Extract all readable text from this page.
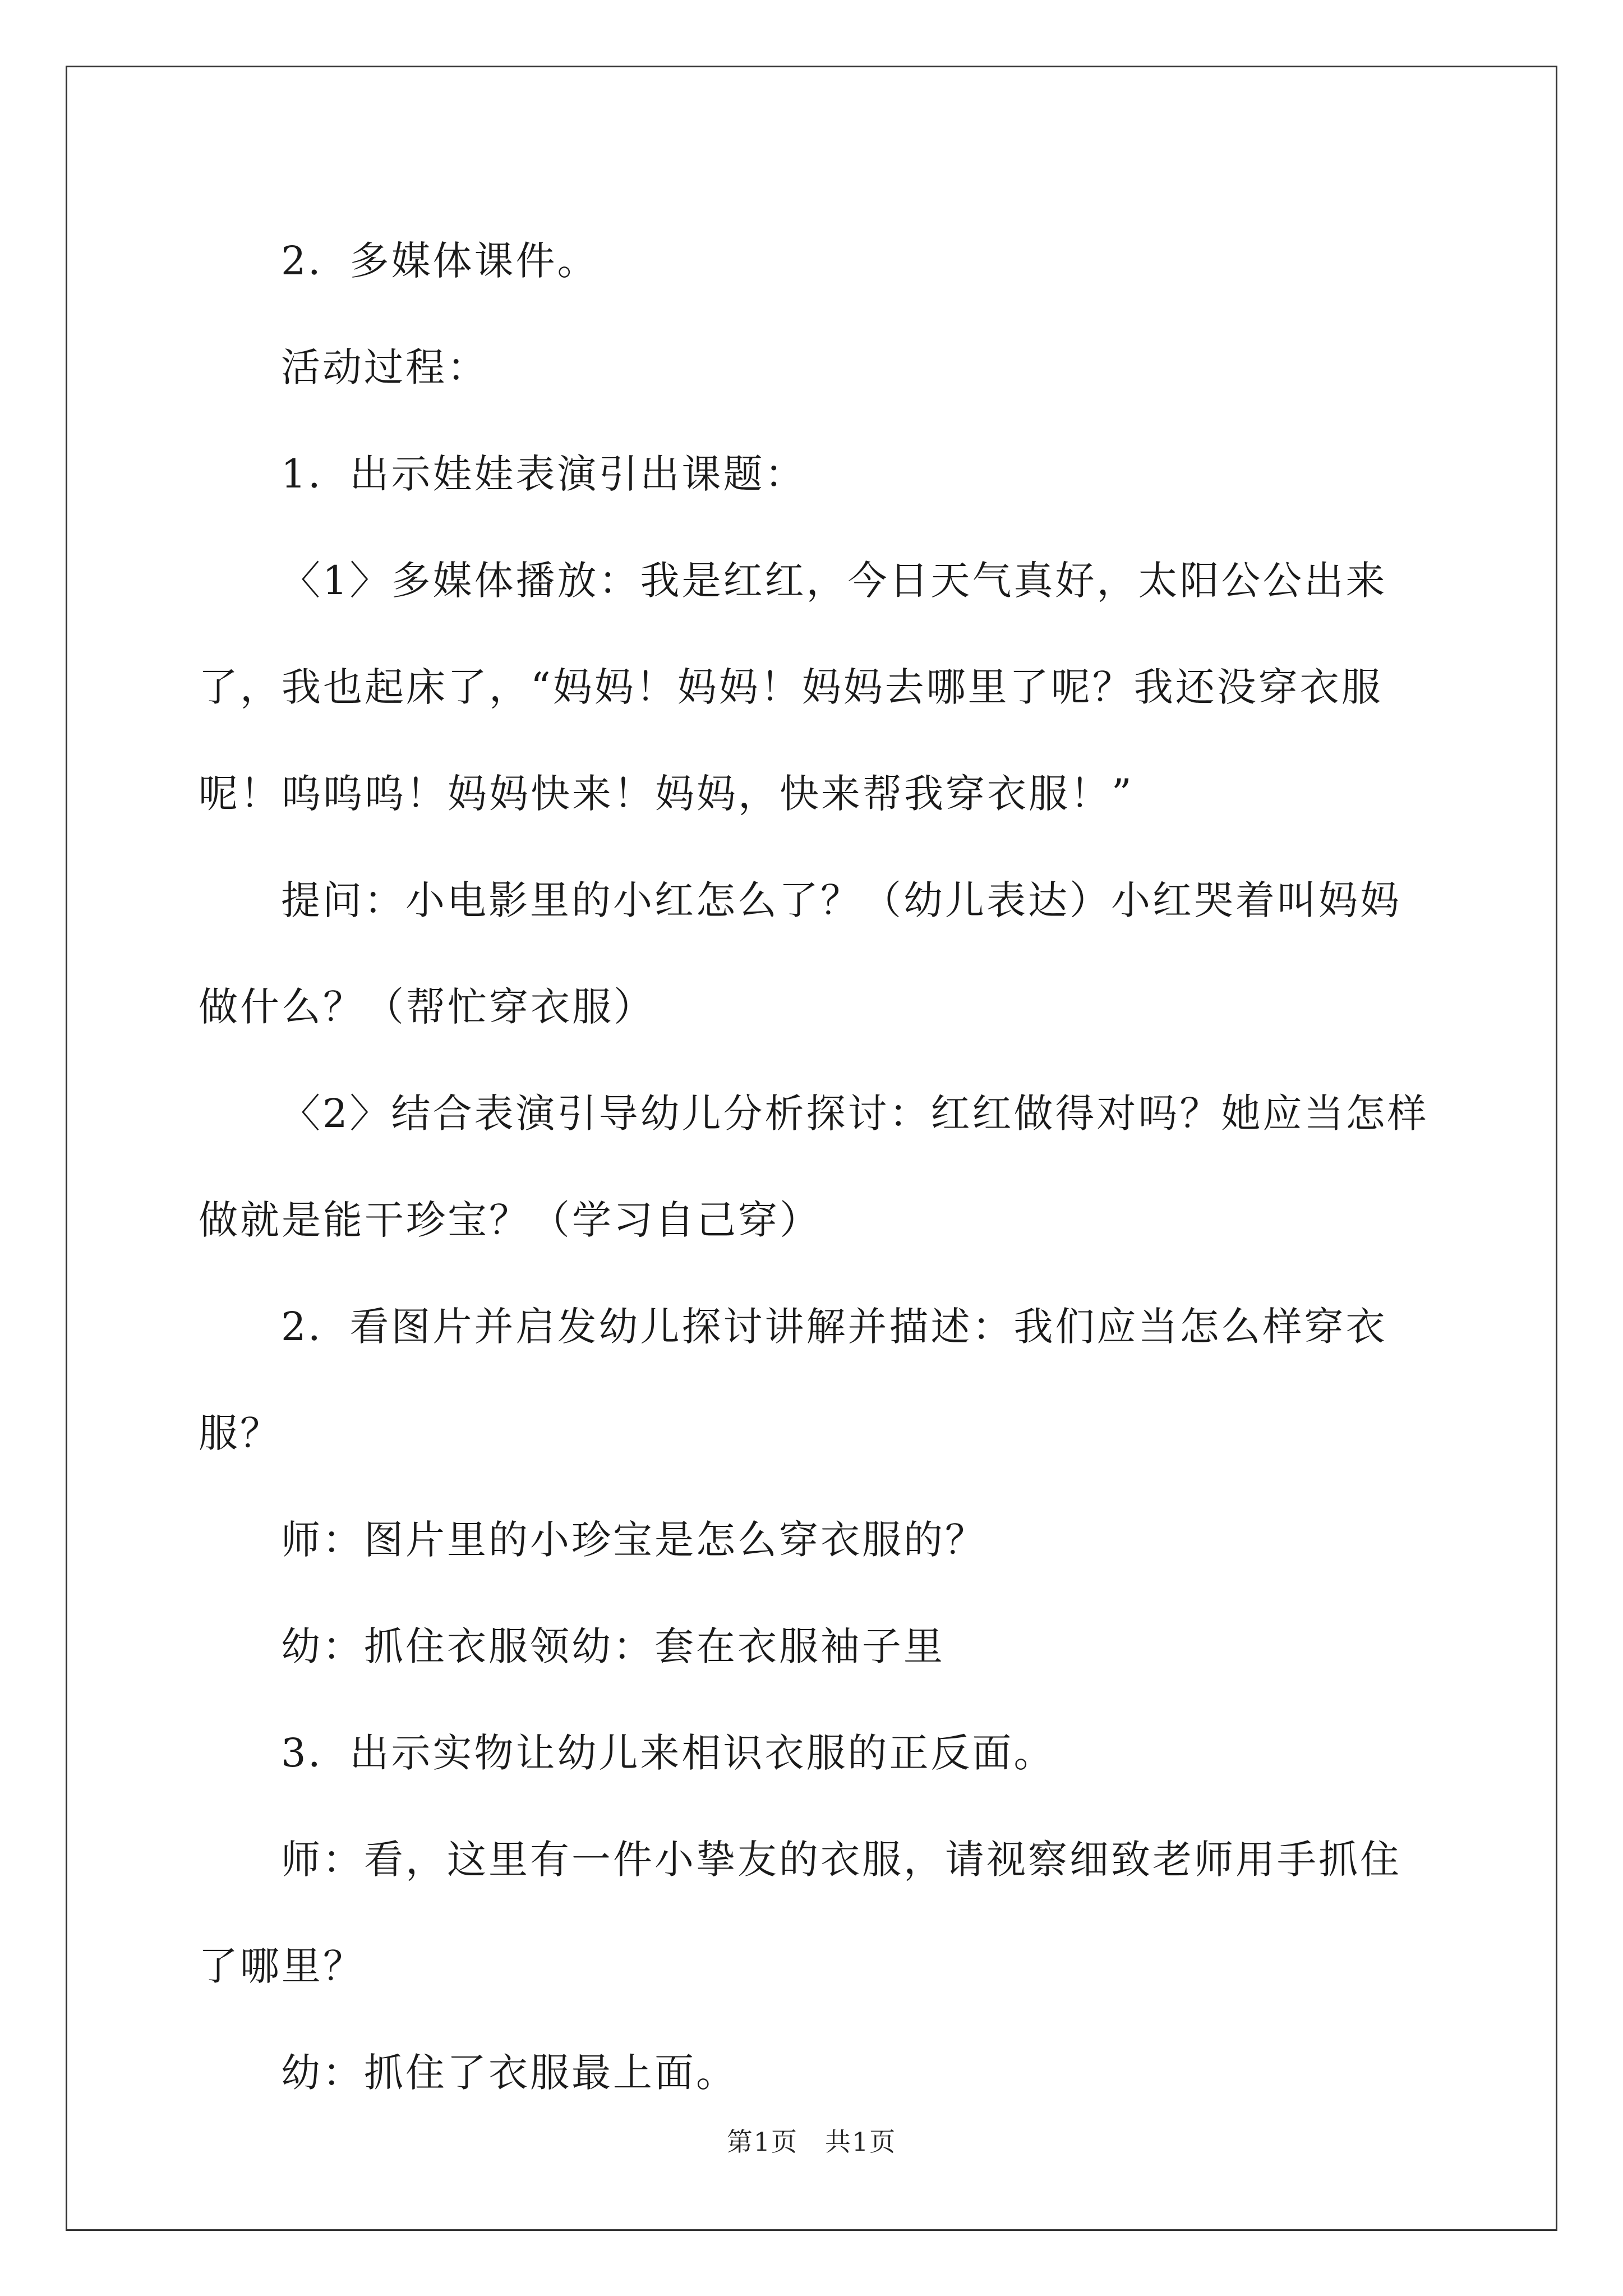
2．多媒体课件。

活动过程：

1．出示娃娃表演引出课题：

〈1〉多媒体播放：我是红红，今日天气真好，太阳公公出来了，我也起床了，“妈妈！妈妈！妈妈去哪里了呢？我还没穿衣服呢！呜呜呜！妈妈快来！妈妈，快来帮我穿衣服！”

提问：小电影里的小红怎么了？（幼儿表达）小红哭着叫妈妈做什么？（帮忙穿衣服）

〈2〉结合表演引导幼儿分析探讨：红红做得对吗？她应当怎样做就是能干珍宝？（学习自己穿）

2．看图片并启发幼儿探讨讲解并描述：我们应当怎么样穿衣服？

师：图片里的小珍宝是怎么穿衣服的？

幼：抓住衣服领幼：套在衣服袖子里

3．出示实物让幼儿来相识衣服的正反面。

师：看，这里有一件小挚友的衣服，请视察细致老师用手抓住了哪里？

幼：抓住了衣服最上面。

第1页 共1页
